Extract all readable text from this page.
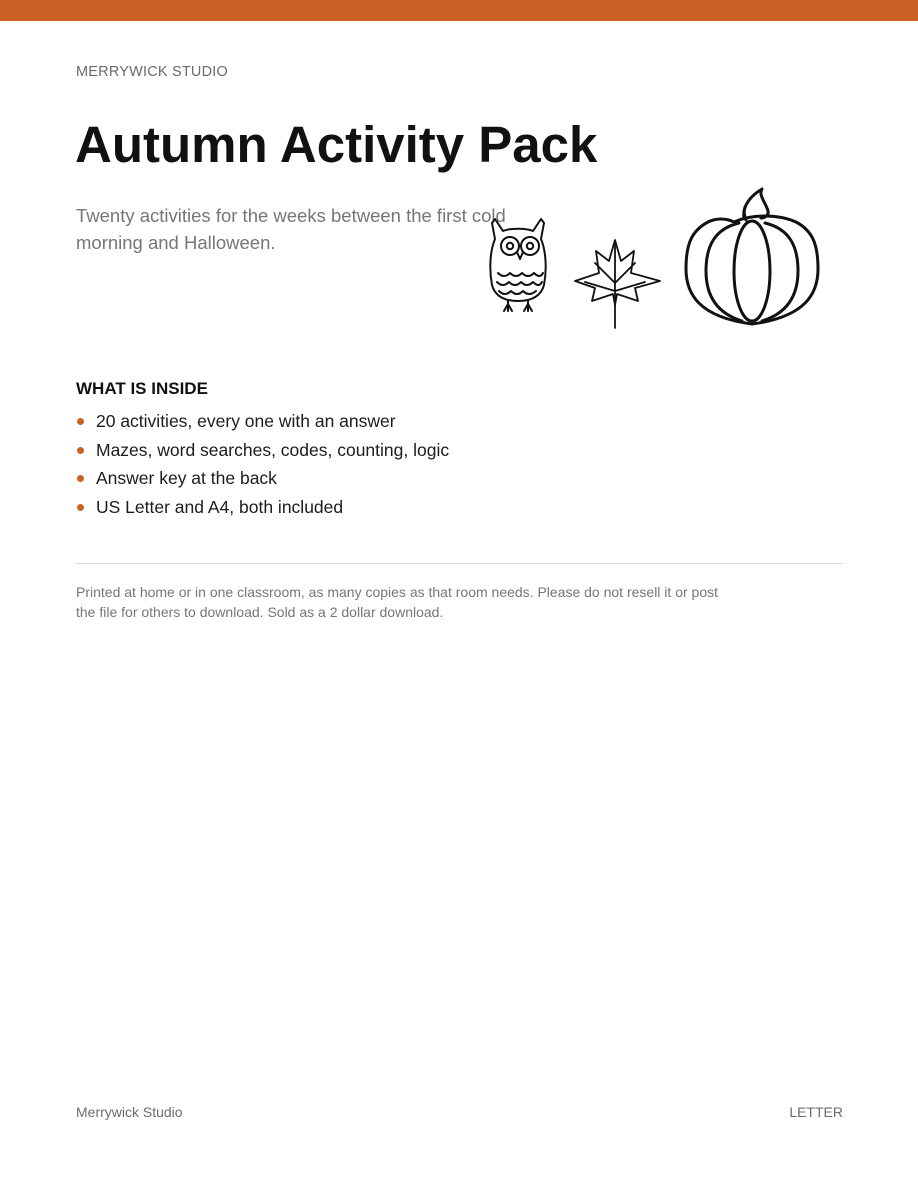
MERRYWICK STUDIO
Autumn Activity Pack

Twenty activities for the weeks between the first cold morning and Halloween.

WHAT IS INSIDE
20 activities, every one with an answer
Mazes, word searches, codes, counting, logic
Answer key at the back
US Letter and A4, both included

Printed at home or in one classroom, as many copies as that room needs. Please do not resell it or post the file for others to download. Sold as a 2 dollar download.

Merrywick Studio	LETTER
